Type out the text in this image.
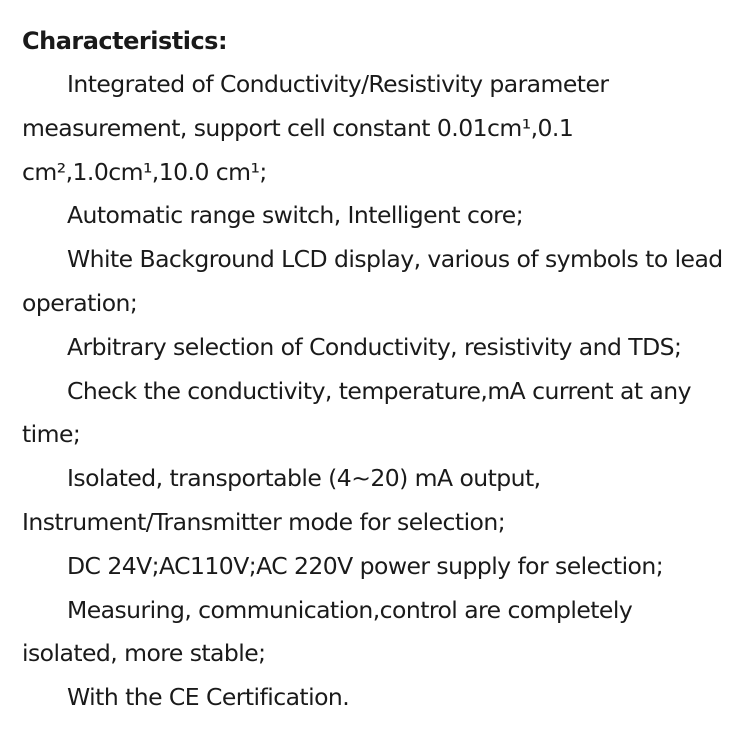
Characteristics:
Integrated of Conductivity/Resistivity parameter
measurement, support cell constant 0.01cm¹,0.1
cm²,1.0cm¹,10.0 cm¹;
Automatic range switch, Intelligent core;
White Background LCD display, various of symbols to lead
operation;
Arbitrary selection of Conductivity, resistivity and TDS;
Check the conductivity, temperature,mA current at any
time;
Isolated, transportable (4~20) mA output,
Instrument/Transmitter mode for selection;
DC 24V;AC110V;AC 220V power supply for selection;
Measuring, communication,control are completely
isolated, more stable;
With the CE Certification.
